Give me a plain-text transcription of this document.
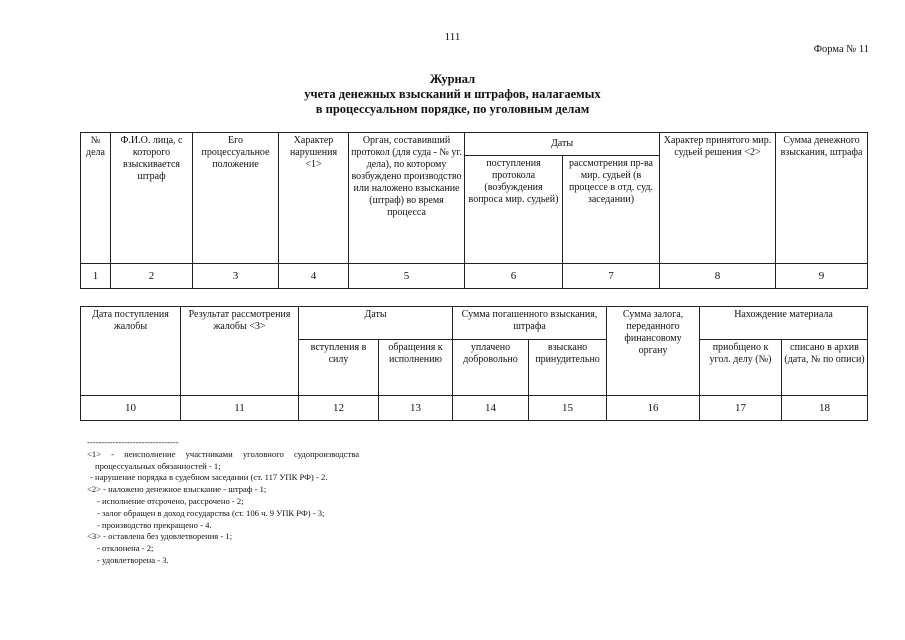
111
Форма № 11
Журнал
учета денежных взысканий и штрафов, налагаемых
в процессуальном порядке, по уголовным делам
№ дела	Ф.И.О. лица, с которого взыскивается штраф	Его процессуальное положение	Характер нарушения <1>	Орган, составивший протокол (для суда - № уг. дела), по которому возбуждено производство или наложено взыскание (штраф) во время процесса	Даты		Характер принятого мир. судьей решения <2>	Сумма денежного взыскания, штрафа
					поступления протокола (возбуждения вопроса мир. судьей)	рассмотрения пр-ва мир. судьей (в процессе в отд. суд. заседании)		
1	2	3	4	5	6	7	8	9
Дата поступления жалобы	Результат рассмотрения жалобы <3>	Даты		Сумма погашенного взыскания, штрафа		Сумма залога, переданного финансовому органу	Нахождение материала	
		вступления в силу	обращения к исполнению	уплачено добровольно	взыскано принудительно		приобщено к угол. делу (№)	списано в архив (дата, № по описи)
10	11	12	13	14	15	16	17	18
--------------------------------
<1> - неисполнение участниками уголовного судопроизводства
процессуальных обязанностей - 1;
- нарушение порядка в судебном заседании (ст. 117 УПК РФ) - 2.
<2> - наложено денежное взыскание - штраф - 1;
- исполнение отсрочено, рассрочено - 2;
- залог обращен в доход государства (ст. 106 ч. 9 УПК РФ) - 3;
- производство прекращено - 4.
<3> - оставлена без удовлетворения - 1;
- отклонена - 2;
- удовлетворена - 3.
